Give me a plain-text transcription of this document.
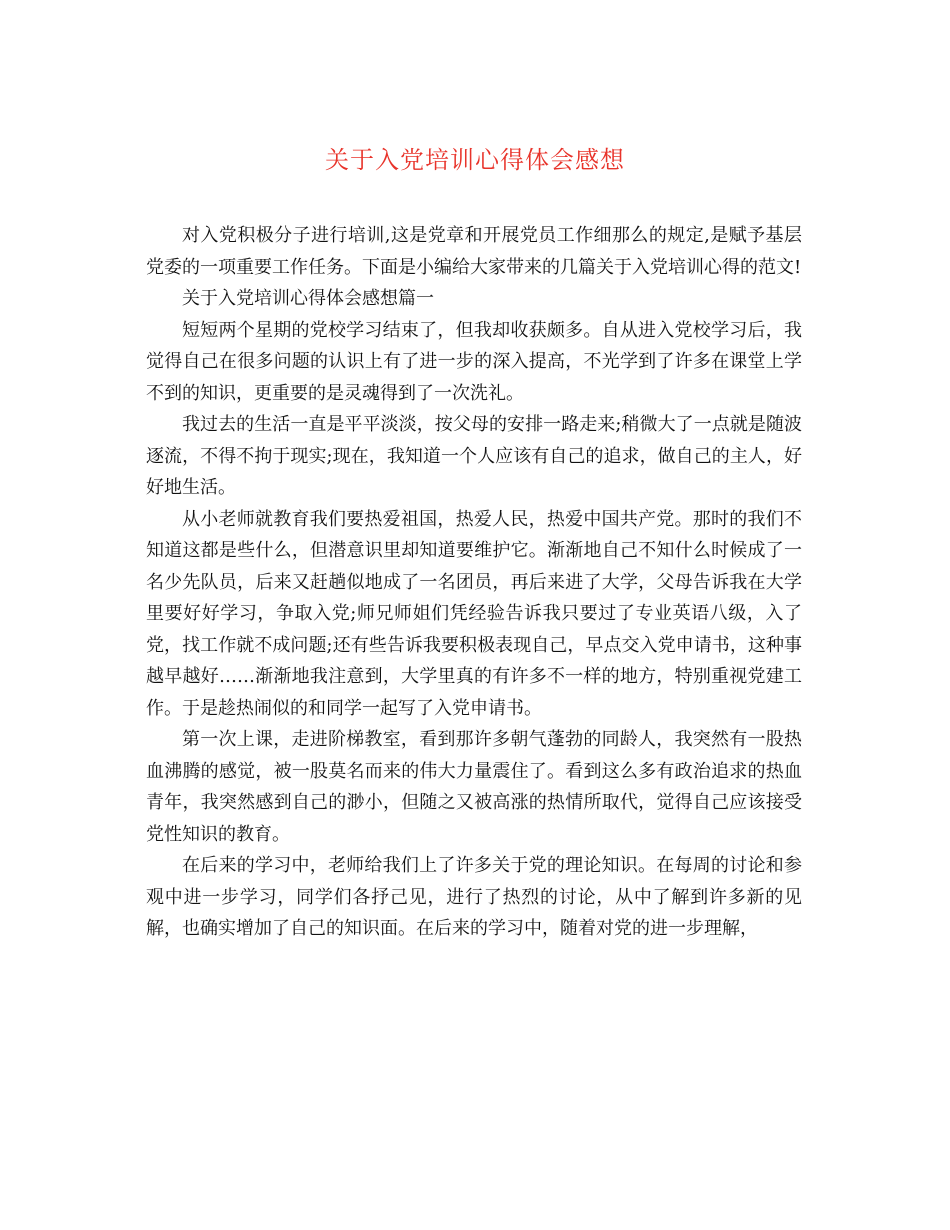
关于入党培训心得体会感想

对入党积极分子进行培训,这是党章和开展党员工作细那么的规定,是赋予基层党委的一项重要工作任务。下面是小编给大家带来的几篇关于入党培训心得的范文!

关于入党培训心得体会感想篇一

短短两个星期的党校学习结束了，但我却收获颇多。自从进入党校学习后，我觉得自己在很多问题的认识上有了进一步的深入提高，不光学到了许多在课堂上学不到的知识，更重要的是灵魂得到了一次洗礼。

我过去的生活一直是平平淡淡，按父母的安排一路走来;稍微大了一点就是随波逐流，不得不拘于现实;现在，我知道一个人应该有自己的追求，做自己的主人，好好地生活。

从小老师就教育我们要热爱祖国，热爱人民，热爱中国共产党。那时的我们不知道这都是些什么，但潜意识里却知道要维护它。渐渐地自己不知什么时候成了一名少先队员，后来又赶趟似地成了一名团员，再后来进了大学，父母告诉我在大学里要好好学习，争取入党;师兄师姐们凭经验告诉我只要过了专业英语八级，入了党，找工作就不成问题;还有些告诉我要积极表现自己，早点交入党申请书，这种事越早越好……渐渐地我注意到，大学里真的有许多不一样的地方，特别重视党建工作。于是趁热闹似的和同学一起写了入党申请书。

第一次上课，走进阶梯教室，看到那许多朝气蓬勃的同龄人，我突然有一股热血沸腾的感觉，被一股莫名而来的伟大力量震住了。看到这么多有政治追求的热血青年，我突然感到自己的渺小，但随之又被高涨的热情所取代，觉得自己应该接受党性知识的教育。

在后来的学习中，老师给我们上了许多关于党的理论知识。在每周的讨论和参观中进一步学习，同学们各抒己见，进行了热烈的讨论，从中了解到许多新的见解，也确实增加了自己的知识面。在后来的学习中，随着对党的进一步理解，
